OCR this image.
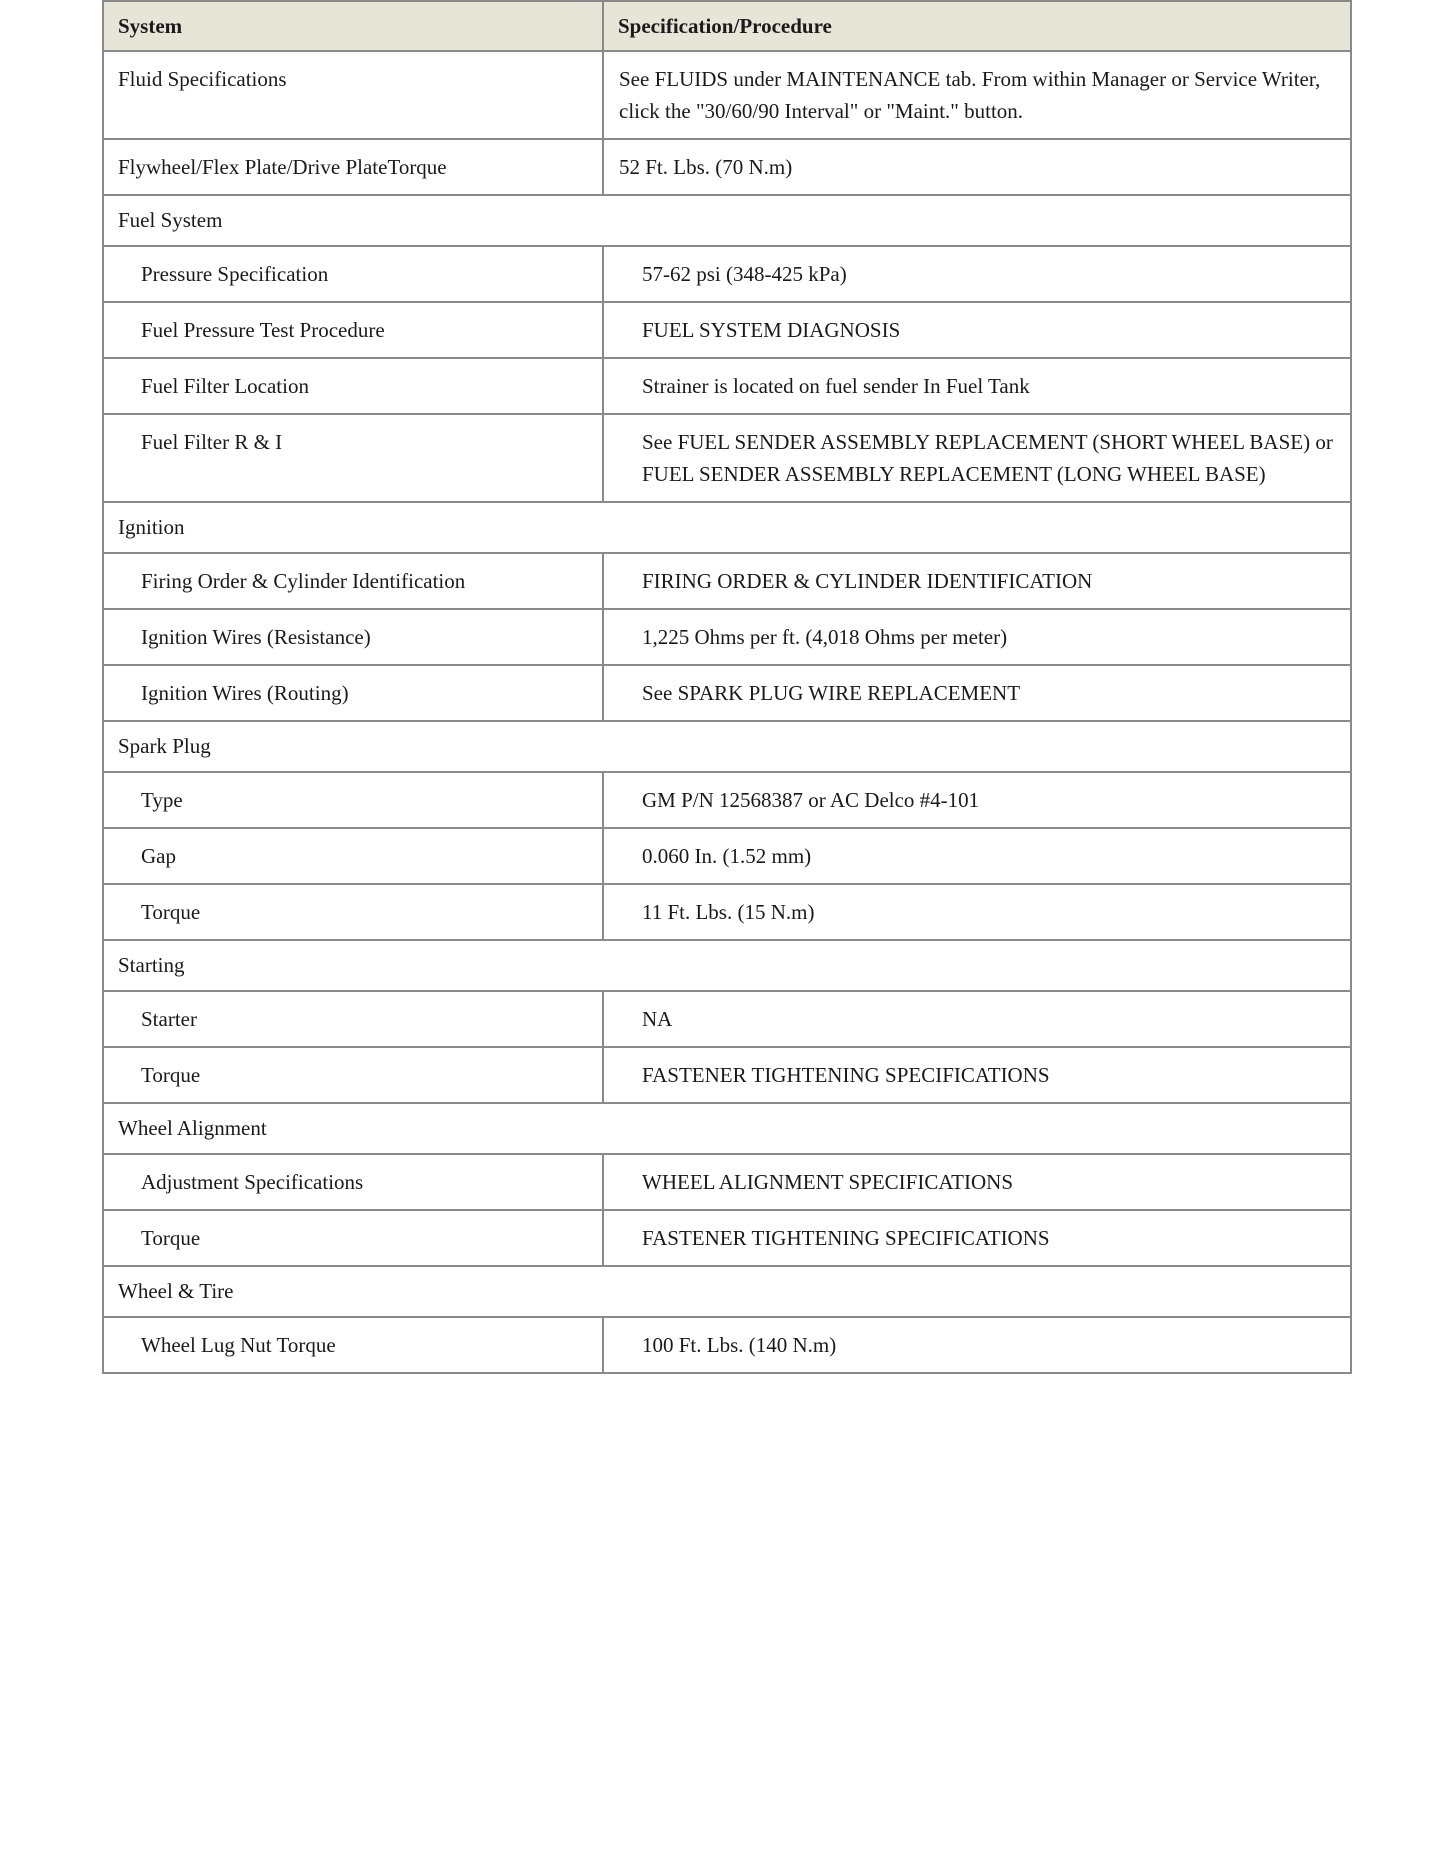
System	Specification/Procedure
Fluid Specifications	See FLUIDS under MAINTENANCE tab. From within Manager or Service Writer, click the "30/60/90 Interval" or "Maint." button.
Flywheel/Flex Plate/Drive PlateTorque	52 Ft. Lbs. (70 N.m)
Fuel System	
Pressure Specification	57-62 psi (348-425 kPa)
Fuel Pressure Test Procedure	FUEL SYSTEM DIAGNOSIS
Fuel Filter Location	Strainer is located on fuel sender In Fuel Tank
Fuel Filter R & I	See FUEL SENDER ASSEMBLY REPLACEMENT (SHORT WHEEL BASE) or FUEL SENDER ASSEMBLY REPLACEMENT (LONG WHEEL BASE)
Ignition	
Firing Order & Cylinder Identification	FIRING ORDER & CYLINDER IDENTIFICATION
Ignition Wires (Resistance)	1,225 Ohms per ft. (4,018 Ohms per meter)
Ignition Wires (Routing)	See SPARK PLUG WIRE REPLACEMENT
Spark Plug	
Type	GM P/N 12568387 or AC Delco #4-101
Gap	0.060 In. (1.52 mm)
Torque	11 Ft. Lbs. (15 N.m)
Starting	
Starter	NA
Torque	FASTENER TIGHTENING SPECIFICATIONS
Wheel Alignment	
Adjustment Specifications	WHEEL ALIGNMENT SPECIFICATIONS
Torque	FASTENER TIGHTENING SPECIFICATIONS
Wheel & Tire	
Wheel Lug Nut Torque	100 Ft. Lbs. (140 N.m)
